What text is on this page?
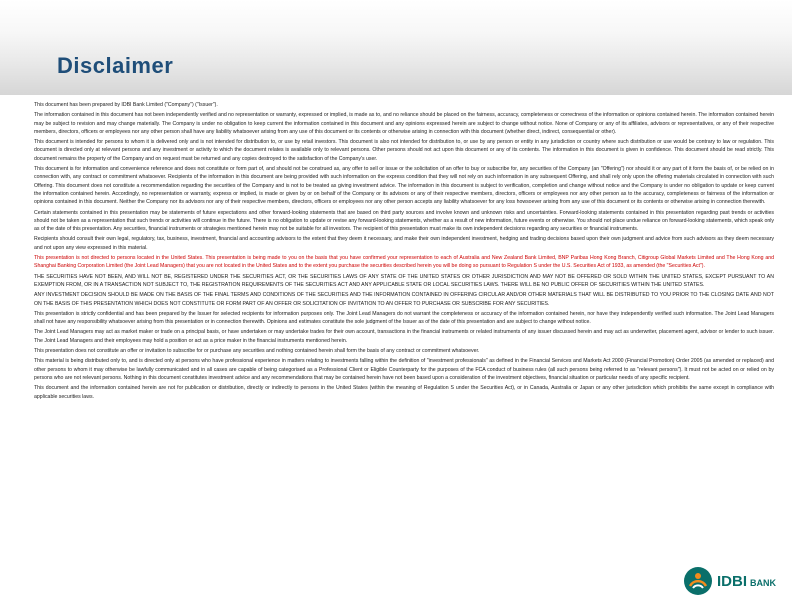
Disclaimer

This document has been prepared by IDBI Bank Limited ("Company") ("Issuer").

The information contained in this document has not been independently verified and no representation or warranty, expressed or implied, is made as to, and no reliance should be placed on the fairness, accuracy, completeness or correctness of the information or opinions contained herein. The information contained herein may be subject to revision and may change materially. The Company is under no obligation to keep current the information contained in this document and any opinions expressed herein are subject to change without notice. None of Company or any of its affiliates, advisors or representatives, or any of their respective members, directors, officers or employees nor any other person shall have any liability whatsoever arising from any use of this document or its contents or otherwise arising in connection with this document (whether direct, indirect, consequential or other).

This document is intended for persons to whom it is delivered only and is not intended for distribution to, or use by retail investors. This document is also not intended for distribution to, or use by any person or entity in any jurisdiction or country where such distribution or use would be contrary to law or regulation. This document is directed only at relevant persons and any investment or activity to which the document relates is available only to relevant persons. Other persons should not act upon this document or any of its contents. The information in this document is given in confidence. This document should be read strictly. This document remains the property of the Company and on request must be returned and any copies destroyed to the satisfaction of the Company's user.

This document is for information and convenience reference and does not constitute or form part of, and should not be construed as, any offer to sell or issue or the solicitation of an offer to buy or subscribe for, any securities of the Company (an "Offering") nor should it or any part of it form the basis of, or be relied on in connection with, any contract or commitment whatsoever. Recipients of the information in this document are being provided with such information on the express condition that they will not rely on such information in any subsequent Offering, and shall rely only upon the offering materials circulated in connection with such Offering. This document does not constitute a recommendation regarding the securities of the Company and is not to be treated as giving investment advice. The information in this document is subject to verification, completion and change without notice and the Company is under no obligation to update or keep current the information contained herein. Accordingly, no representation or warranty, express or implied, is made or given by or on behalf of the Company or its advisors or any of their respective members, directors, officers or employees nor any other person as to the accuracy, completeness or fairness of the information or opinions contained in this document. Neither the Company nor its advisors nor any of their respective members, directors, officers or employees nor any other person accepts any liability whatsoever for any loss howsoever arising from any use of this document or its contents or otherwise arising in connection therewith.

Certain statements contained in this presentation may be statements of future expectations and other forward-looking statements that are based on third party sources and involve known and unknown risks and uncertainties. Forward-looking statements contained in this presentation regarding past trends or activities should not be taken as a representation that such trends or activities will continue in the future. There is no obligation to update or revise any forward-looking statements, whether as a result of new information, future events or otherwise. You should not place undue reliance on forward-looking statements, which speak only as of the date of this presentation. Any securities, financial instruments or strategies mentioned herein may not be suitable for all investors. The recipient of this presentation must make its own independent decisions regarding any securities or financial instruments.

Recipients should consult their own legal, regulatory, tax, business, investment, financial and accounting advisors to the extent that they deem it necessary, and make their own independent investment, hedging and trading decisions based upon their own judgment and advice from such advisors as they deem necessary and not upon any view expressed in this material.

This presentation is not directed to persons located in the United States. This presentation is being made to you on the basis that you have confirmed your representation to each of Australia and New Zealand Bank Limited, BNP Paribas Hong Kong Branch, Citigroup Global Markets Limited and The Hong Kong and Shanghai Banking Corporation Limited (the Joint Lead Managers) that you are not located in the United States and to the extent you purchase the securities described herein you will be doing so pursuant to Regulation S under the U.S. Securities Act of 1933, as amended (the "Securities Act").

THE SECURITIES HAVE NOT BEEN, AND WILL NOT BE, REGISTERED UNDER THE SECURITIES ACT, OR THE SECURITIES LAWS OF ANY STATE OF THE UNITED STATES OR OTHER JURISDICTION AND MAY NOT BE OFFERED OR SOLD WITHIN THE UNITED STATES, EXCEPT PURSUANT TO AN EXEMPTION FROM, OR IN A TRANSACTION NOT SUBJECT TO, THE REGISTRATION REQUIREMENTS OF THE SECURITIES ACT AND ANY APPLICABLE STATE OR LOCAL SECURITIES LAWS. THERE WILL BE NO PUBLIC OFFER OF SECURITIES WITHIN THE UNITED STATES.

ANY INVESTMENT DECISION SHOULD BE MADE ON THE BASIS OF THE FINAL TERMS AND CONDITIONS OF THE SECURITIES AND THE INFORMATION CONTAINED IN OFFERING CIRCULAR AND/OR OTHER MATERIALS THAT WILL BE DISTRIBUTED TO YOU PRIOR TO THE CLOSING DATE AND NOT ON THE BASIS OF THIS PRESENTATION WHICH DOES NOT CONSTITUTE OR FORM PART OF AN OFFER OR SOLICITATION OF INVITATION TO AN OFFER TO PURCHASE OR SUBSCRIBE FOR ANY SECURITIES.

This presentation is strictly confidential and has been prepared by the Issuer for selected recipients for information purposes only. The Joint Lead Managers do not warrant the completeness or accuracy of the information contained herein, nor have they independently verified such information. The Joint Lead Managers shall not have any responsibility whatsoever arising from this presentation or in connection therewith. Opinions and estimates constitute the sole judgment of the Issuer as of the date of this presentation and are subject to change without notice.

The Joint Lead Managers may act as market maker or trade on a principal basis, or have undertaken or may undertake trades for their own account, transactions in the financial instruments or related instruments of any issuer discussed herein and may act as underwriter, placement agent, advisor or lender to such issuer. The Joint Lead Managers and their employees may hold a position or act as a price maker in the financial instruments mentioned herein.

This presentation does not constitute an offer or invitation to subscribe for or purchase any securities and nothing contained herein shall form the basis of any contract or commitment whatsoever.

This material is being distributed only to, and is directed only at persons who have professional experience in matters relating to investments falling within the definition of "investment professionals" as defined in the Financial Services and Markets Act 2000 (Financial Promotion) Order 2005 (as amended or replaced) and other persons to whom it may otherwise be lawfully communicated and in all cases are capable of being categorised as a Professional Client or Eligible Counterparty for the purposes of the FCA conduct of business rules (all such persons being referred to as "relevant persons"). It must not be acted on or relied on by persons who are not relevant persons. Nothing in this document constitutes investment advice and any recommendations that may be contained herein have not been based upon a consideration of the investment objectives, financial situation or particular needs of any specific recipient.

This document and the information contained herein are not for publication or distribution, directly or indirectly to persons in the United States (within the meaning of Regulation S under the Securities Act), or in Canada, Australia or Japan or any other jurisdiction which prohibits the same except in compliance with applicable securities laws.

IDBI BANK
